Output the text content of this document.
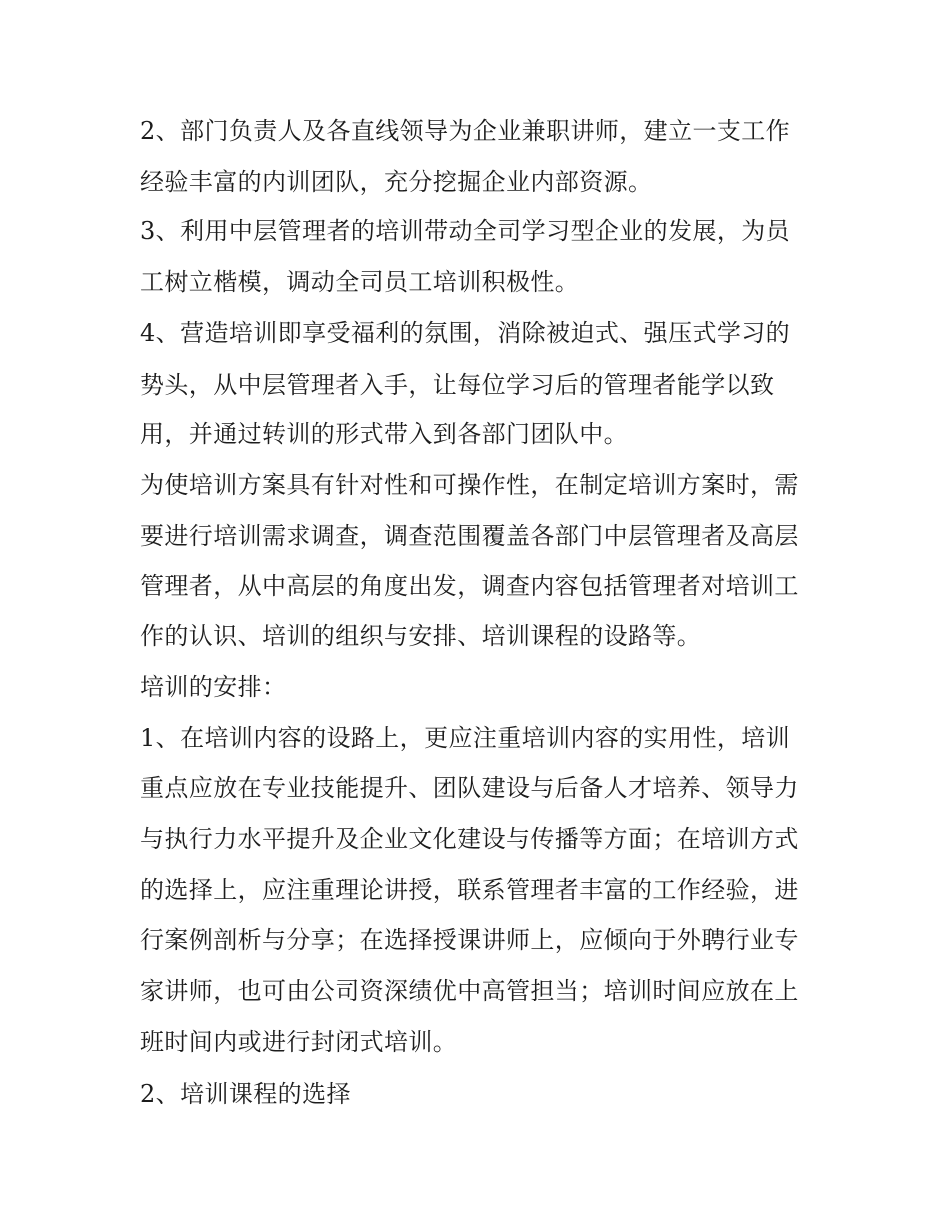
2、部门负责人及各直线领导为企业兼职讲师，建立一支工作

经验丰富的内训团队，充分挖掘企业内部资源。

3、利用中层管理者的培训带动全司学习型企业的发展，为员

工树立楷模，调动全司员工培训积极性。

4、营造培训即享受福利的氛围，消除被迫式、强压式学习的

势头，从中层管理者入手，让每位学习后的管理者能学以致

用，并通过转训的形式带入到各部门团队中。

为使培训方案具有针对性和可操作性，在制定培训方案时，需

要进行培训需求调查，调查范围覆盖各部门中层管理者及高层

管理者，从中高层的角度出发，调查内容包括管理者对培训工

作的认识、培训的组织与安排、培训课程的设路等。

培训的安排：

1、在培训内容的设路上，更应注重培训内容的实用性，培训

重点应放在专业技能提升、团队建设与后备人才培养、领导力

与执行力水平提升及企业文化建设与传播等方面；在培训方式

的选择上，应注重理论讲授，联系管理者丰富的工作经验，进

行案例剖析与分享；在选择授课讲师上，应倾向于外聘行业专

家讲师，也可由公司资深绩优中高管担当；培训时间应放在上

班时间内或进行封闭式培训。

2、培训课程的选择
